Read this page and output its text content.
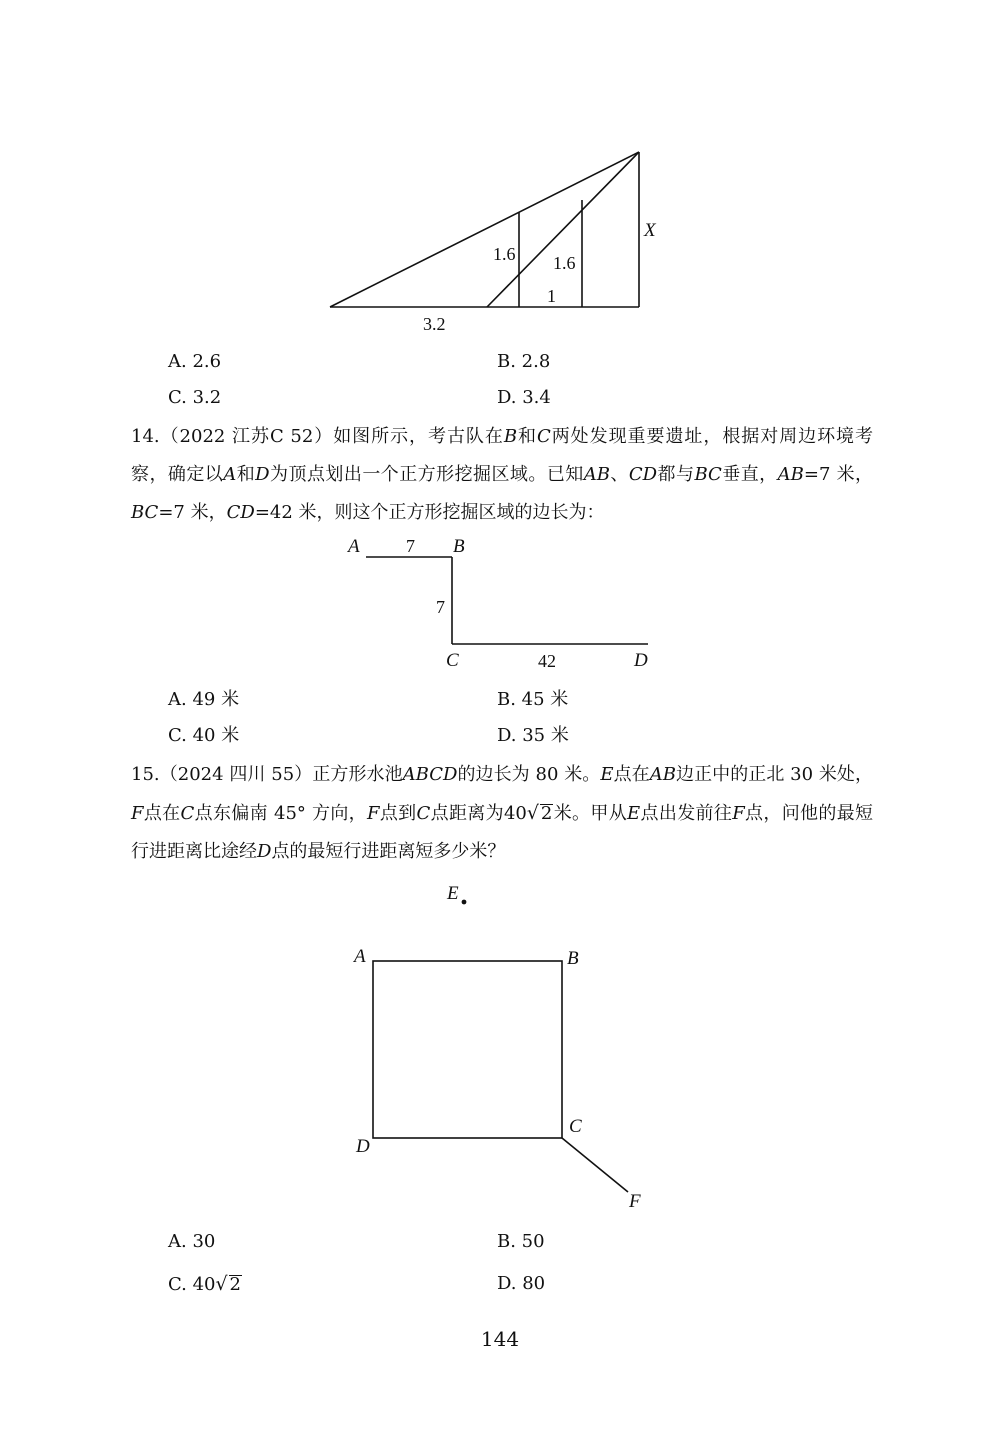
X
1.6 1.6
1
3.2
A. 2.6	B. 2.8
C. 3.2	D. 3.4

14.（2022 江苏C 52）如图所示，考古队在B和C两处发现重要遗址，根据对周边环境考察，确定以A和D为顶点划出一个正方形挖掘区域。已知AB、CD都与BC垂直，AB=7 米，BC=7 米，CD=42 米，则这个正方形挖掘区域的边长为：

A	7 B
7
C	42	D
A. 49 米	B. 45 米
C. 40 米	D. 35 米

15.（2024 四川 55）正方形水池ABCD的边长为 80 米。E点在AB边正中的正北 30 米处，F点在C点东偏南 45° 方向，F点到C点距离为40√ 2米。甲从E点出发前往F点，问他的最短行进距离比途经D点的最短行进距离短多少米？

E
A	B
C
D
F
A. 30	B. 50
C. 40√ 2	D. 80
144
